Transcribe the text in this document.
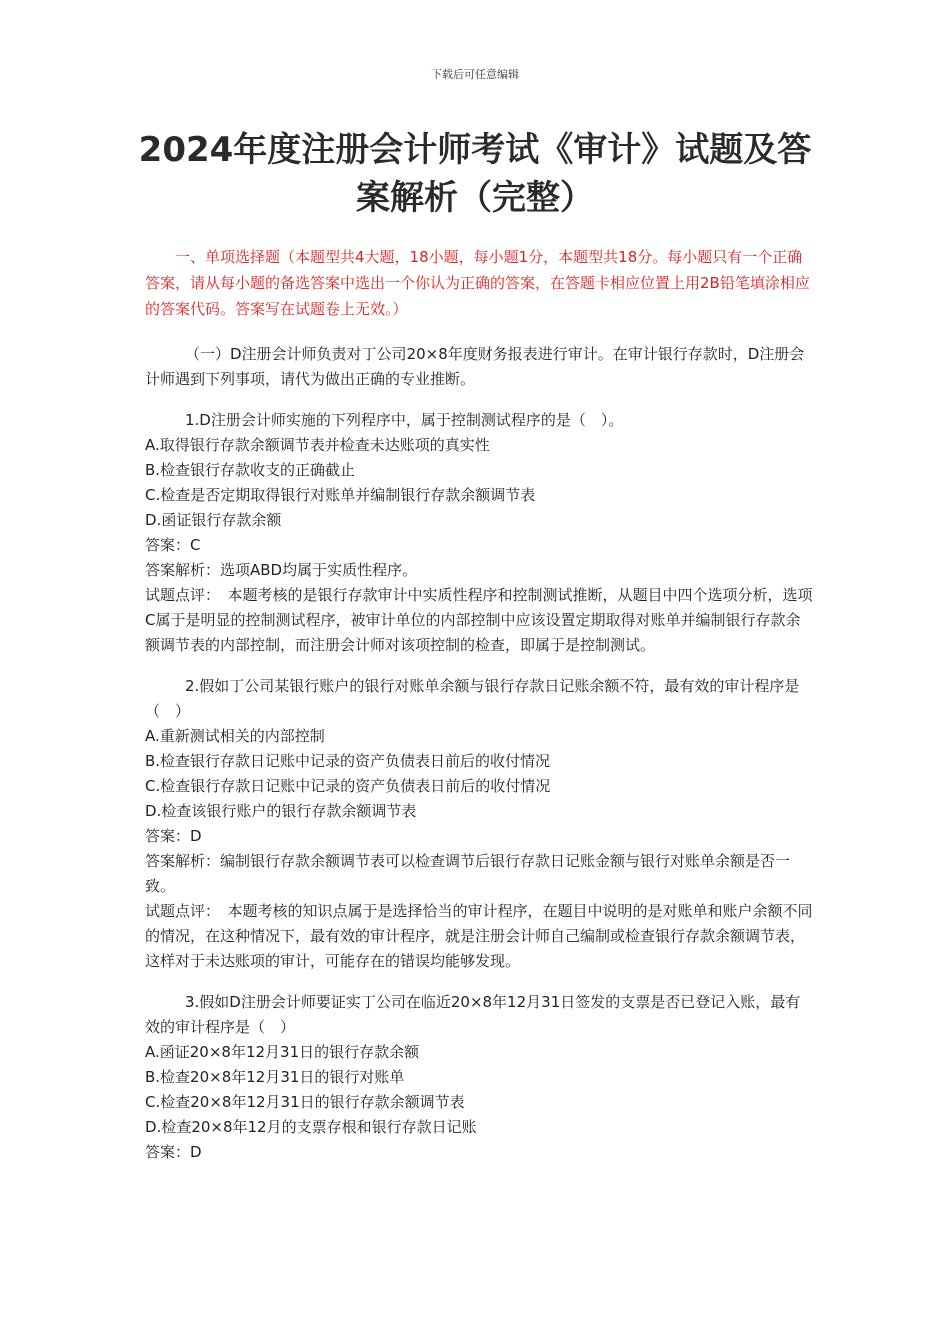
下载后可任意编辑
2024年度注册会计师考试《审计》试题及答案解析（完整）

一、单项选择题（本题型共4大题，18小题，每小题1分，本题型共18分。每小题只有一个正确答案，请从每小题的备选答案中选出一个你认为正确的答案，在答题卡相应位置上用2B铅笔填涂相应的答案代码。答案写在试题卷上无效。）

（一）D注册会计师负责对丁公司20×8年度财务报表进行审计。在审计银行存款时，D注册会计师遇到下列事项，请代为做出正确的专业推断。

1.D注册会计师实施的下列程序中，属于控制测试程序的是（　）。

A.取得银行存款余额调节表并检查未达账项的真实性

B.检查银行存款收支的正确截止

C.检查是否定期取得银行对账单并编制银行存款余额调节表

D.函证银行存款余额

答案：C

答案解析：选项ABD均属于实质性程序。

试题点评：　本题考核的是银行存款审计中实质性程序和控制测试推断，从题目中四个选项分析，选项C属于是明显的控制测试程序，被审计单位的内部控制中应该设置定期取得对账单并编制银行存款余额调节表的内部控制，而注册会计师对该项控制的检查，即属于是控制测试。

2.假如丁公司某银行账户的银行对账单余额与银行存款日记账余额不符，最有效的审计程序是（　）

A.重新测试相关的内部控制

B.检查银行存款日记账中记录的资产负债表日前后的收付情况

C.检查银行存款日记账中记录的资产负债表日前后的收付情况

D.检查该银行账户的银行存款余额调节表

答案：D

答案解析：编制银行存款余额调节表可以检查调节后银行存款日记账金额与银行对账单余额是否一致。

试题点评：　本题考核的知识点属于是选择恰当的审计程序，在题目中说明的是对账单和账户余额不同的情况，在这种情况下，最有效的审计程序，就是注册会计师自己编制或检查银行存款余额调节表，这样对于未达账项的审计，可能存在的错误均能够发现。

3.假如D注册会计师要证实丁公司在临近20×8年12月31日签发的支票是否已登记入账，最有效的审计程序是（　）

A.函证20×8年12月31日的银行存款余额

B.检查20×8年12月31日的银行对账单

C.检查20×8年12月31日的银行存款余额调节表

D.检查20×8年12月的支票存根和银行存款日记账

答案：D
